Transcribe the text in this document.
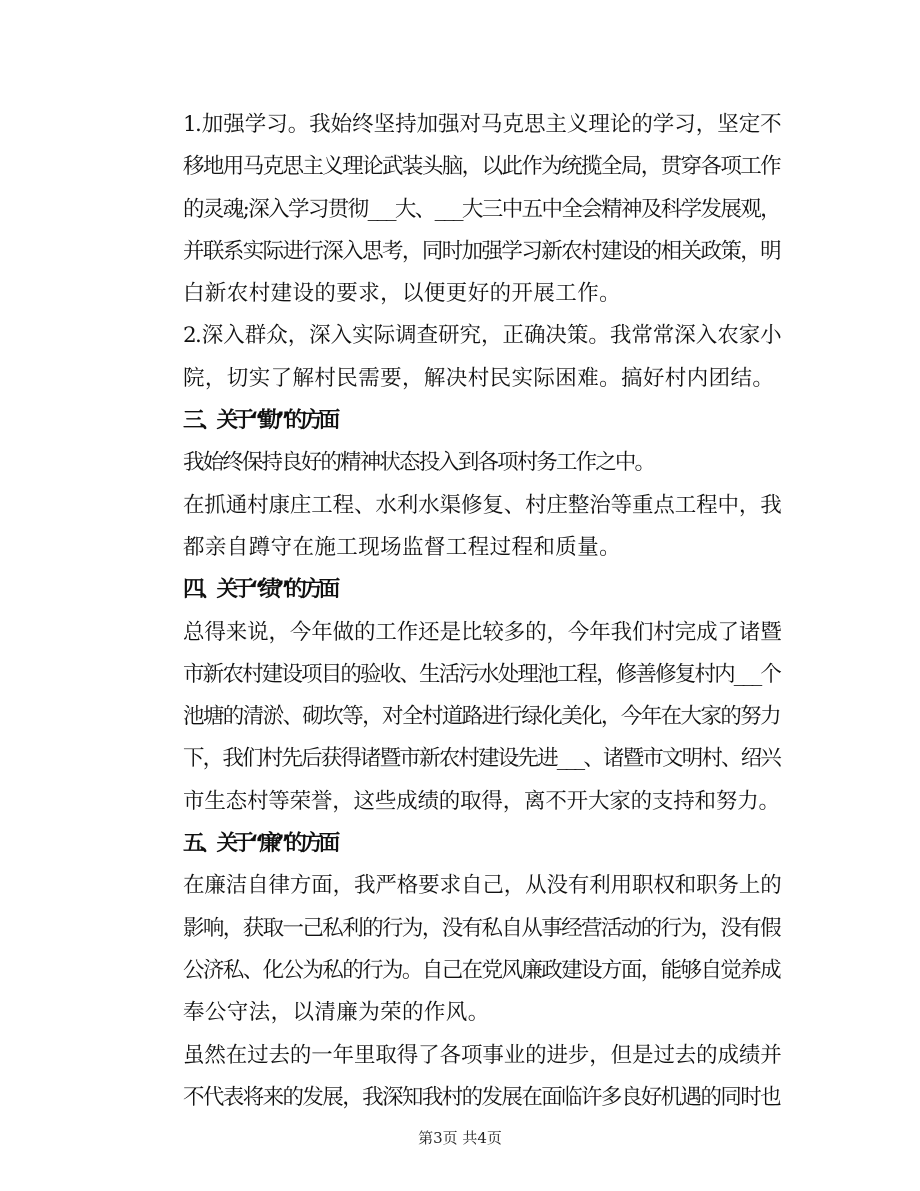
1.加强学习。我始终坚持加强对马克思主义理论的学习，坚定不
移地用马克思主义理论武装头脑，以此作为统揽全局，贯穿各项工作
的灵魂;深入学习贯彻___大、___大三中五中全会精神及科学发展观，
并联系实际进行深入思考，同时加强学习新农村建设的相关政策，明
白新农村建设的要求，以便更好的开展工作。
2.深入群众，深入实际调查研究，正确决策。我常常深入农家小
院，切实了解村民需要，解决村民实际困难。搞好村内团结。
三、关于“勤”的方面
我始终保持良好的精神状态投入到各项村务工作之中。
在抓通村康庄工程、水利水渠修复、村庄整治等重点工程中，我
都亲自蹲守在施工现场监督工程过程和质量。
四、关于“绩”的方面
总得来说，今年做的工作还是比较多的，今年我们村完成了诸暨
市新农村建设项目的验收、生活污水处理池工程，修善修复村内___个
池塘的清淤、砌坎等，对全村道路进行绿化美化，今年在大家的努力
下，我们村先后获得诸暨市新农村建设先进___、诸暨市文明村、绍兴
市生态村等荣誉，这些成绩的取得，离不开大家的支持和努力。
五、关于“廉”的方面
在廉洁自律方面，我严格要求自己，从没有利用职权和职务上的
影响，获取一己私利的行为，没有私自从事经营活动的行为，没有假
公济私、化公为私的行为。自己在党风廉政建设方面，能够自觉养成
奉公守法，以清廉为荣的作风。
虽然在过去的一年里取得了各项事业的进步，但是过去的成绩并
不代表将来的发展，我深知我村的发展在面临许多良好机遇的同时也
第3页 共4页
